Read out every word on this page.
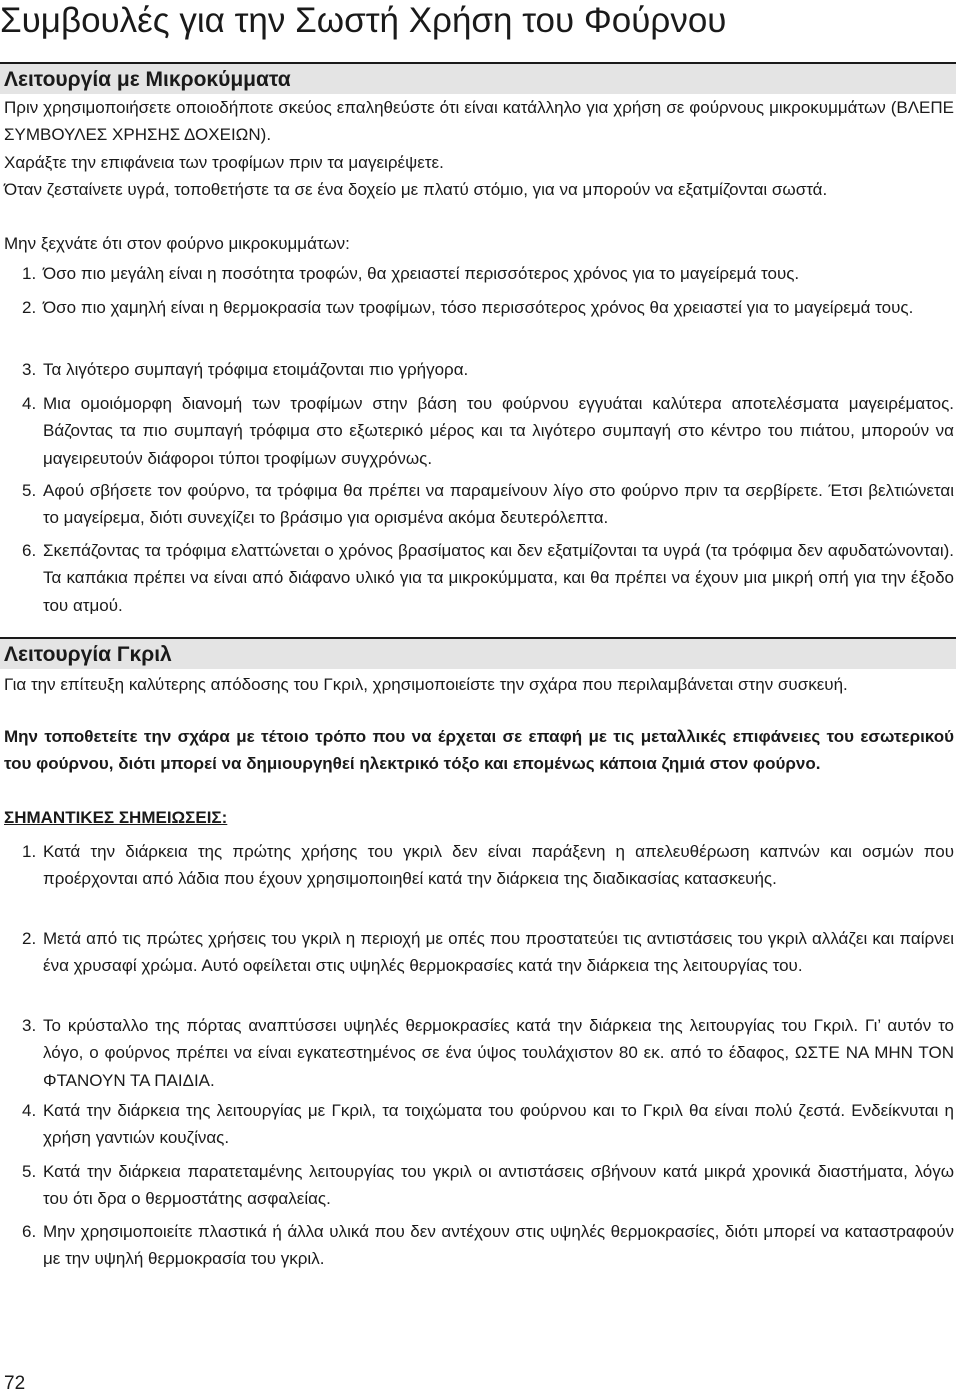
Συμβουλές για την Σωστή Χρήση του Φούρνου
Λειτουργία με Μικροκύμματα

Πριν χρησιμοποιήσετε οποιοδήποτε σκεύος επαληθεύστε ότι είναι κατάλληλο για χρήση σε φούρνους μικροκυμμάτων (ΒΛΕΠΕ ΣΥΜΒΟΥΛΕΣ ΧΡΗΣΗΣ ΔΟΧΕΙΩΝ).

Χαράξτε την επιφάνεια των τροφίμων πριν τα μαγειρέψετε.

Όταν ζεσταίνετε υγρά, τοποθετήστε τα σε ένα δοχείο με πλατύ στόμιο, για να μπορούν να εξατμίζονται σωστά.

Μην ξεχνάτε ότι στον φούρνο μικροκυμμάτων:

1. Όσο πιο μεγάλη είναι η ποσότητα τροφών, θα χρειαστεί περισσότερος χρόνος για το μαγείρεμά τους.
2. Όσο πιο χαμηλή είναι η θερμοκρασία των τροφίμων, τόσο περισσότερος χρόνος θα χρειαστεί για το μαγείρεμά τους.
3. Τα λιγότερο συμπαγή τρόφιμα ετοιμάζονται πιο γρήγορα.
4. Μια ομοιόμορφη διανομή των τροφίμων στην βάση του φούρνου εγγυάται καλύτερα αποτελέσματα μαγειρέματος. Βάζοντας τα πιο συμπαγή τρόφιμα στο εξωτερικό μέρος και τα λιγότερο συμπαγή στο κέντρο του πιάτου, μπορούν να μαγειρευτούν διάφοροι τύποι τροφίμων συγχρόνως.
5. Αφού σβήσετε τον φούρνο, τα τρόφιμα θα πρέπει να παραμείνουν λίγο στο φούρνο πριν τα σερβίρετε. Έτσι βελτιώνεται το μαγείρεμα, διότι συνεχίζει το βράσιμο για ορισμένα ακόμα δευτερόλεπτα.
6. Σκεπάζοντας τα τρόφιμα ελαττώνεται ο χρόνος βρασίματος και δεν εξατμίζονται τα υγρά (τα τρόφιμα δεν αφυδατώνονται). Τα καπάκια πρέπει να είναι από διάφανο υλικό για τα μικροκύμματα, και θα πρέπει να έχουν μια μικρή οπή για την έξοδο του ατμού.
Λειτουργία Γκριλ

Για την επίτευξη καλύτερης απόδοσης του Γκριλ, χρησιμοποιείστε την σχάρα που περιλαμβάνεται στην συσκευή.

Μην τοποθετείτε την σχάρα με τέτοιο τρόπο που να έρχεται σε επαφή με τις μεταλλικές επιφάνειες του εσωτερικού του φούρνου, διότι μπορεί να δημιουργηθεί ηλεκτρικό τόξο και επομένως κάποια ζημιά στον φούρνο.

ΣΗΜΑΝΤΙΚΕΣ ΣΗΜΕΙΩΣΕΙΣ:

1. Κατά την διάρκεια της πρώτης χρήσης του γκριλ δεν είναι παράξενη η απελευθέρωση καπνών και οσμών που προέρχονται από λάδια που έχουν χρησιμοποιηθεί κατά την διάρκεια της διαδικασίας κατασκευής.
2. Μετά από τις πρώτες χρήσεις του γκριλ η περιοχή με οπές που προστατεύει τις αντιστάσεις του γκριλ αλλάζει και παίρνει ένα χρυσαφί χρώμα. Αυτό οφείλεται στις υψηλές θερμοκρασίες κατά την διάρκεια της λειτουργίας του.
3. Το κρύσταλλο της πόρτας αναπτύσσει υψηλές θερμοκρασίες κατά την διάρκεια της λειτουργίας του Γκριλ. Γι’ αυτόν το λόγο, ο φούρνος πρέπει να είναι εγκατεστημένος σε ένα ύψος τουλάχιστον 80 εκ. από το έδαφος, ΩΣΤΕ ΝΑ ΜΗΝ ΤΟΝ ΦΤΑΝΟΥΝ ΤΑ ΠΑΙΔΙΑ.
4. Κατά την διάρκεια της λειτουργίας με Γκριλ, τα τοιχώματα του φούρνου και το Γκριλ θα είναι πολύ ζεστά. Ενδείκνυται η χρήση γαντιών κουζίνας.
5. Κατά την διάρκεια παρατεταμένης λειτουργίας του γκριλ οι αντιστάσεις σβήνουν κατά μικρά χρονικά διαστήματα, λόγω του ότι δρα ο θερμοστάτης ασφαλείας.
6. Μην χρησιμοποιείτε πλαστικά ή άλλα υλικά που δεν αντέχουν στις υψηλές θερμοκρασίες, διότι μπορεί να καταστραφούν με την υψηλή θερμοκρασία του γκριλ.
72
